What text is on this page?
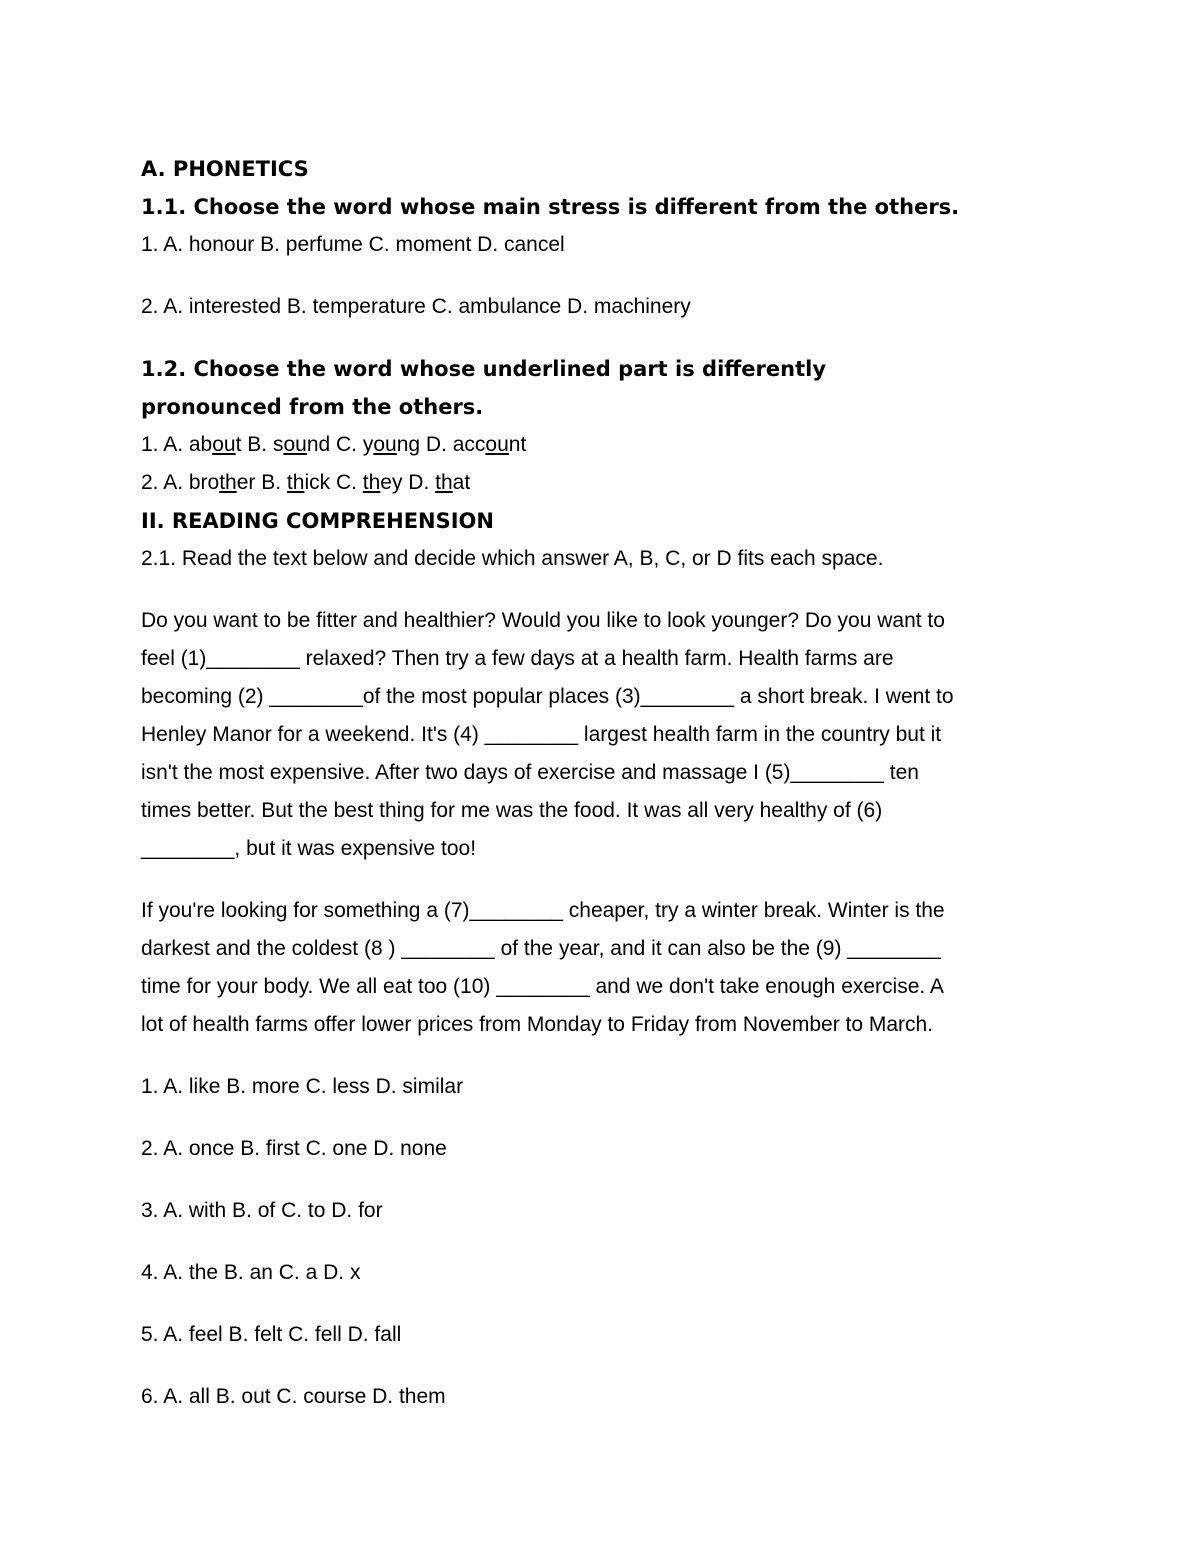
A. PHONETICS
1.1. Choose the word whose main stress is different from the others.
1. A. honour B. perfume C. moment D. cancel
2. A. interested B. temperature C. ambulance D. machinery
1.2. Choose the word whose underlined part is differently
pronounced from the others.
1. A. about B. sound C. young D. account
2. A. brother B. thick C. they D. that
II. READING COMPREHENSION
2.1. Read the text below and decide which answer A, B, C, or D fits each space.
Do you want to be fitter and healthier? Would you like to look younger? Do you want to
feel (1)________ relaxed? Then try a few days at a health farm. Health farms are
becoming (2) ________of the most popular places (3)________ a short break. I went to
Henley Manor for a weekend. It's (4) ________ largest health farm in the country but it
isn't the most expensive. After two days of exercise and massage I (5)________ ten
times better. But the best thing for me was the food. It was all very healthy of (6)
________, but it was expensive too!
If you're looking for something a (7)________ cheaper, try a winter break. Winter is the
darkest and the coldest (8 ) ________ of the year, and it can also be the (9) ________
time for your body. We all eat too (10) ________ and we don't take enough exercise. A
lot of health farms offer lower prices from Monday to Friday from November to March.
1. A. like B. more C. less D. similar
2. A. once B. first C. one D. none
3. A. with B. of C. to D. for
4. A. the B. an C. a D. x
5. A. feel B. felt C. fell D. fall
6. A. all B. out C. course D. them
